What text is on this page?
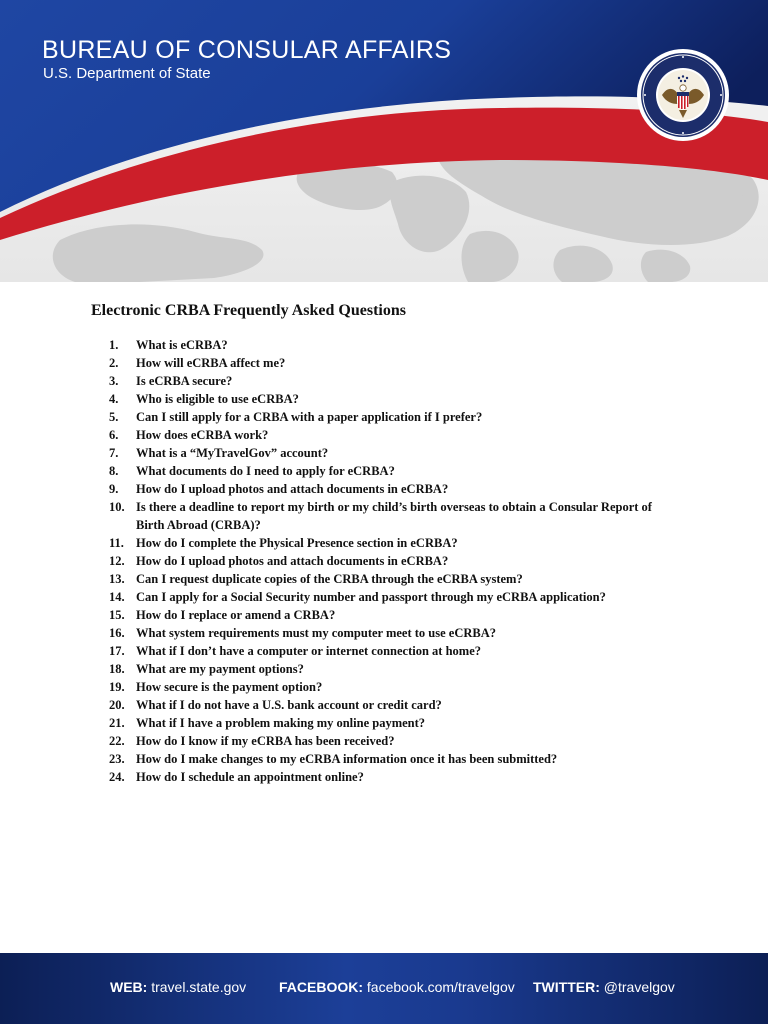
BUREAU OF CONSULAR AFFAIRS
U.S. Department of State
Electronic CRBA Frequently Asked Questions
1.	What is eCRBA?
2.	How will eCRBA affect me?
3.	Is eCRBA secure?
4.	Who is eligible to use eCRBA?
5.	Can I still apply for a CRBA with a paper application if I prefer?
6.	How does eCRBA work?
7.	What is a “MyTravelGov” account?
8.	What documents do I need to apply for eCRBA?
9.	How do I upload photos and attach documents in eCRBA?
10. Is there a deadline to report my birth or my child’s birth overseas to obtain a Consular Report of Birth Abroad (CRBA)?
11. How do I complete the Physical Presence section in eCRBA?
12. How do I upload photos and attach documents in eCRBA?
13. Can I request duplicate copies of the CRBA through the eCRBA system?
14. Can I apply for a Social Security number and passport through my eCRBA application?
15. How do I replace or amend a CRBA?
16. What system requirements must my computer meet to use eCRBA?
17. What if I don’t have a computer or internet connection at home?
18. What are my payment options?
19. How secure is the payment option?
20. What if I do not have a U.S. bank account or credit card?
21. What if I have a problem making my online payment?
22. How do I know if my eCRBA has been received?
23. How do I make changes to my eCRBA information once it has been submitted?
24. How do I schedule an appointment online?
WEB: travel.state.gov FACEBOOK: facebook.com/travelgov TWITTER: @travelgov
